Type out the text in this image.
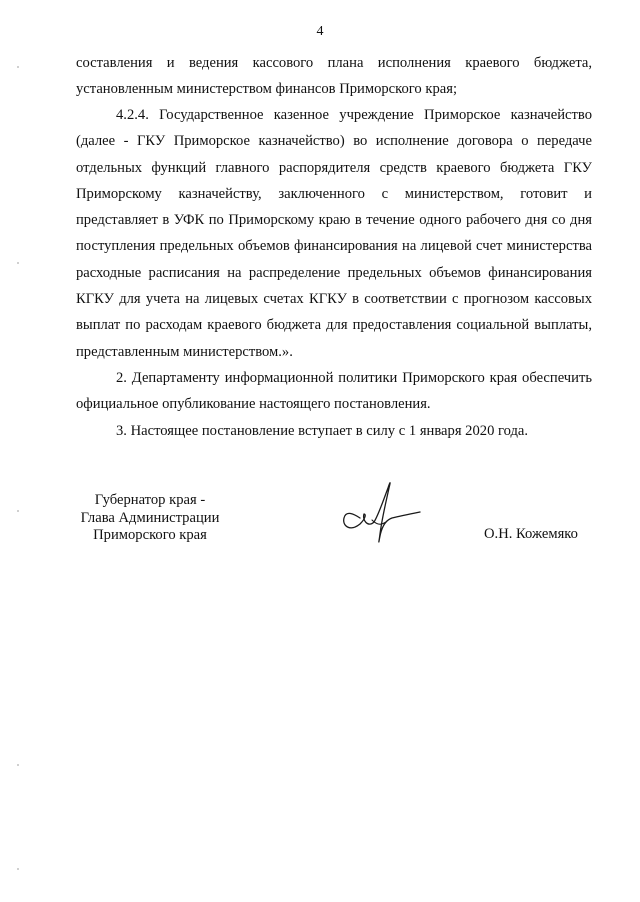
4
составления и ведения кассового плана исполнения краевого бюджета, установленным министерством финансов Приморского края;
4.2.4. Государственное казенное учреждение Приморское казначейство (далее - ГКУ Приморское казначейство) во исполнение договора о передаче отдельных функций главного распорядителя средств краевого бюджета ГКУ Приморскому казначейству, заключенного с министерством, готовит и представляет в УФК по Приморскому краю в течение одного рабочего дня со дня поступления предельных объемов финансирования на лицевой счет министерства расходные расписания на распределение предельных объемов финансирования КГКУ для учета на лицевых счетах КГКУ в соответствии с прогнозом кассовых выплат по расходам краевого бюджета для предоставления социальной выплаты, представленным министерством.».
2. Департаменту информационной политики Приморского края обеспечить официальное опубликование настоящего постановления.
3. Настоящее постановление вступает в силу с 1 января 2020 года.
Губернатор края -
Глава Администрации
Приморского края	О.Н. Кожемяко
